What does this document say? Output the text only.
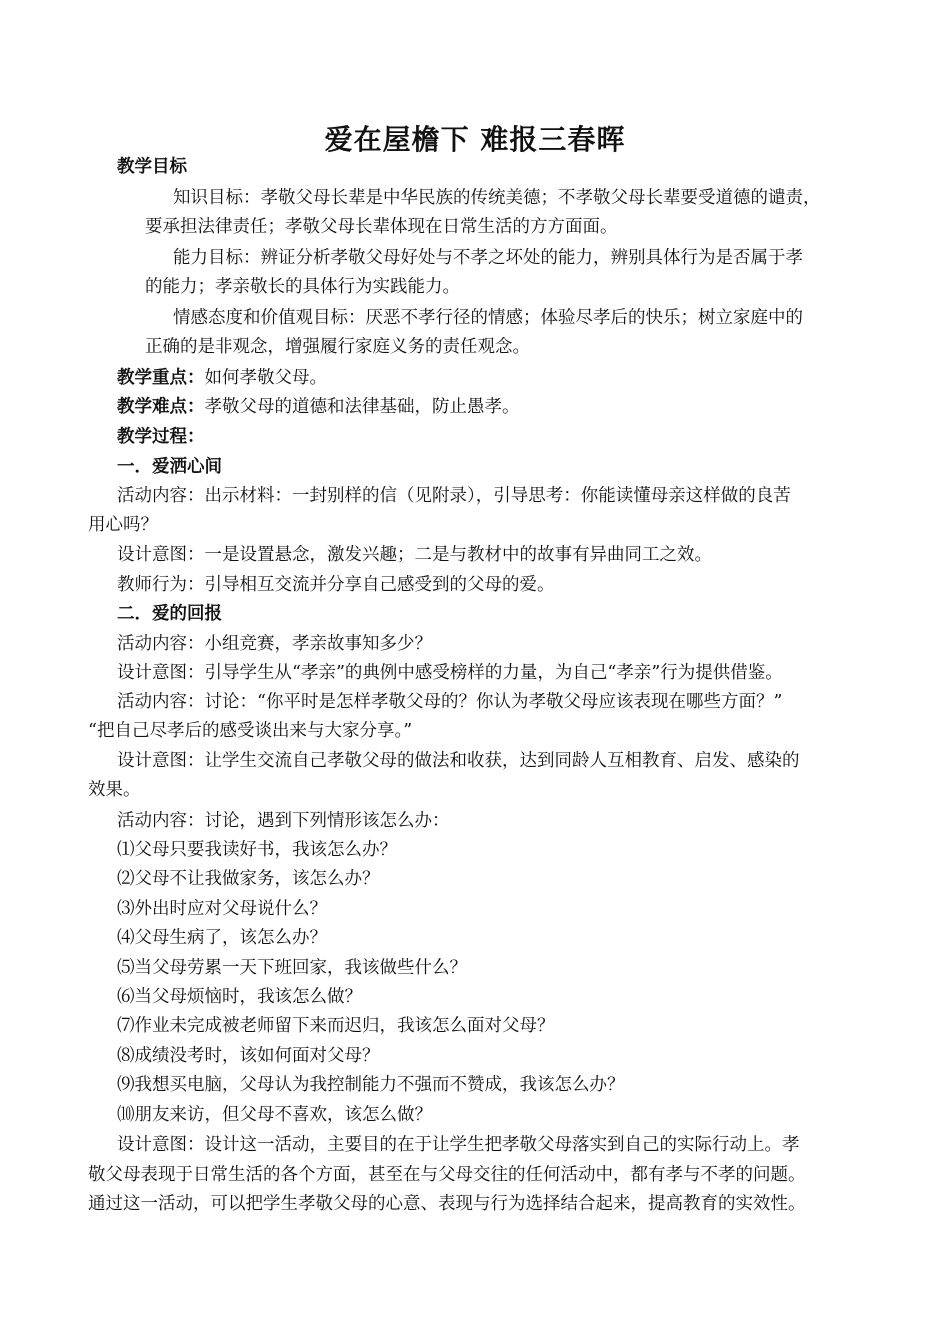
爱在屋檐下 难报三春晖
教学目标
知识目标：孝敬父母长辈是中华民族的传统美德；不孝敬父母长辈要受道德的谴责，
要承担法律责任；孝敬父母长辈体现在日常生活的方方面面。
能力目标：辨证分析孝敬父母好处与不孝之坏处的能力，辨别具体行为是否属于孝
的能力；孝亲敬长的具体行为实践能力。
情感态度和价值观目标：厌恶不孝行径的情感；体验尽孝后的快乐；树立家庭中的
正确的是非观念，增强履行家庭义务的责任观念。
教学重点：如何孝敬父母。
教学难点：孝敬父母的道德和法律基础，防止愚孝。
教学过程：
一．爱洒心间
活动内容：出示材料：一封别样的信（见附录），引导思考：你能读懂母亲这样做的良苦
用心吗？
设计意图：一是设置悬念，激发兴趣；二是与教材中的故事有异曲同工之效。
教师行为：引导相互交流并分享自己感受到的父母的爱。
二．爱的回报
活动内容：小组竞赛，孝亲故事知多少？
设计意图：引导学生从“孝亲”的典例中感受榜样的力量，为自己“孝亲”行为提供借鉴。
活动内容：讨论：“你平时是怎样孝敬父母的？你认为孝敬父母应该表现在哪些方面？”
“把自己尽孝后的感受谈出来与大家分享。”
设计意图：让学生交流自己孝敬父母的做法和收获，达到同龄人互相教育、启发、感染的
效果。
活动内容：讨论，遇到下列情形该怎么办：
⑴父母只要我读好书，我该怎么办？
⑵父母不让我做家务，该怎么办？
⑶外出时应对父母说什么？
⑷父母生病了，该怎么办？
⑸当父母劳累一天下班回家，我该做些什么？
⑹当父母烦恼时，我该怎么做？
⑺作业未完成被老师留下来而迟归，我该怎么面对父母？
⑻成绩没考时，该如何面对父母？
⑼我想买电脑，父母认为我控制能力不强而不赞成，我该怎么办？
⑽朋友来访，但父母不喜欢，该怎么做？
设计意图：设计这一活动，主要目的在于让学生把孝敬父母落实到自己的实际行动上。孝
敬父母表现于日常生活的各个方面，甚至在与父母交往的任何活动中，都有孝与不孝的问题。
通过这一活动，可以把学生孝敬父母的心意、表现与行为选择结合起来，提高教育的实效性。
